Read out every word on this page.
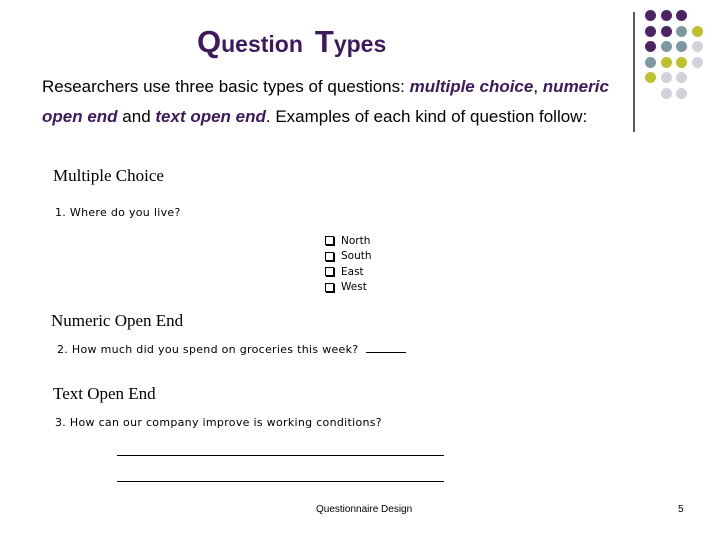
Question Types
Researchers use three basic types of questions: multiple choice, numeric open end and text open end. Examples of each kind of question follow:
Multiple Choice
1. Where do you live?
North
South
East
West
Numeric Open End
2. How much did you spend on groceries this week?
Text Open End
3. How can our company improve is working conditions?
Questionnaire Design	5
